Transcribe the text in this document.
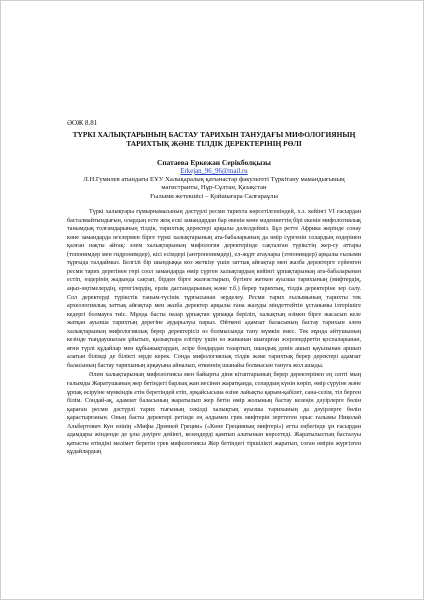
ӘОЖ 8.81

ТҮРКІ ХАЛЫҚТАРЫНЫҢ БАСТАУ ТАРИХЫН ТАНУДАҒЫ МИФОЛОГИЯНЫҢ
ТАРИХТЫҚ ЖӘНЕ ТІЛДІК ДЕРЕКТЕРІНІҢ РӨЛІ

Спатаева Еркежан Серікболқызы

Erkejan_96_96@mail.ru
Л.Н.Гумилев атындағы ЕҰУ Халықаралық қатынастар факультеті Түркітану мамандығының
магистранты, Нұр-Сұлтан, Қазақстан
Ғылыми жетекшісі – Қойшығара Салғараұлы

Түркі халықтары ғұмырнамасының дәстүрлі ресми тарихта көрсетілгеніндей, х.з. кейінгі VI ғасырдан басталмайтындығын, олардың есте жоқ ескі замандардан бар екенін көне мәдениеттің бірі екенін мифологиялық танымдық толғамдарының тілдік, тарихтық деректері арқылы дәлелдейміз. Бұл ретте Африка жерінде сонау көне замандарда өгелермен бірге түркі халықтарының ата-бабаларының да өмір сүргенін солардың өздерінен қалған нақты айғақ: әлем халықтарының мифология деректерінде сақталған түрікстің жер-су аттары (топонимдер мен гидронимдер), кісі есімдері (антропонимдер), ел-жұрт атаулары (этнонимдер) арқылы ғылыми тұрғыда талдаймыз. Белгілі бір шындыққа көз жеткізу үшін заттық айғақтар мен жазба деректерге сүйенген ресми тарих дерегінен гөрі соол замандарда өмір сүрген халықтардың кейінгі ұрпақтарының ата-бабаларынан естіп, өздерінің жадында сақтап, бірден бірге жалғастырып, бүгінге жеткен ауызша тарихының (мифтердің, аңыз-әңгімелердің, ертегілердің, ерлік дастандарының және т.б.) берер тарихтық, тілдік деректеріне зер салу. Сол деректерді түрікстік таным-түсінік тұрғысынан зерделеу. Ресми тарих ғылымының тарихты тек археологиялық заттық айғақтар мен жазба деректер арқылы ғана жазуды міндеттейтін ұстанымы ілгерішіге кедергі болмауға тиіс. Мұнда басты назар ұрпақтан ұрпаққа беріліп, халықтың өзімен бірге жасасып келе жатқан ауызша тарихтың дерегіне аударылуы парыз. Өйткені адамзат баласының бастау тарихын әлем халықтарының мифологиялық берер деректерісіз өз болмысында тану мүмкін емес. Тек мұнда айтушының кезінде тыңдаушысын ұйытып, қызықтыра елітіру үшін өз жанынан шығарған әсерлендіретін қоспаларынан, яғни түрлі құдайлар мен құбыжықтардан, әсіре боядардан тазартып, шындық дәнін ашып қауызынан аршып алатын білімді де білікті зерде керек. Сонда мифологиялық тілдік және тарихтық берер деректері адамзат баласының бастау тарихының арқауына айналып, өткеннің шынайы болмысын тануға жол ашады.

Әлем халықтарының мифологиясы мен байырғы діни кітаптарының берер деректерінен ең септі мың ғалымды Жаратушының жер бетіндегі барлық жан иесінен жаратқанда, солардың күнін көріп, өмір сүруіне және ұрпақ өсіруіне мүмкіндік етін беретіндей етіп, әрқайсысына өзіне лайықты қарым-қабілет, сана-сезім, тіл берген білім. Сондай-ақ, адамзат баласының жаратылып жер бетін өмір жолының бастау кезеңін дәуірлерге бөлін қараған ресми дәстүрлі тарих тығының секілді халықтың ауызша тарихының да дәуірлерге бөлін қарастырғанын. Оның басты деректері ретінде ең алдымен грек мифтерін зерттеген орыс ғалымы Николай Альбертович Кун өзінің «Мифы Древней Греции» («Көне Грецияның мифтері») атты еңбегінде ұн ғасырдан адамдары жінденде де ұлы дәуірге дейінгі, кезеңдерді қамтып алатынын көрсетеді. Жаратылыстың басталуы қатысты өтіндіні мелімет беретін грек мифологиясы Жер бетіндегі тіршілікті жаратып, соған өмірін жүргізген құдайлардың
